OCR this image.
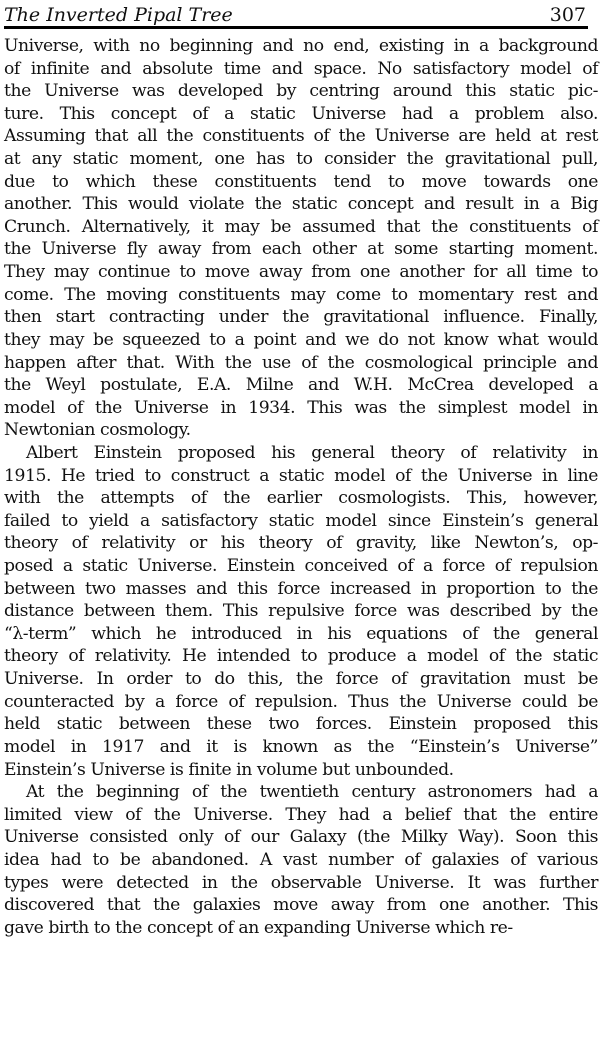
The Inverted Pipal Tree	307
Universe, with no beginning and no end, existing in a background
of infinite and absolute time and space. No satisfactory model of
the Universe was developed by centring around this static pic-
ture. This concept of a static Universe had a problem also.
Assuming that all the constituents of the Universe are held at rest
at any static moment, one has to consider the gravitational pull,
due to which these constituents tend to move towards one
another. This would violate the static concept and result in a Big
Crunch. Alternatively, it may be assumed that the constituents of
the Universe fly away from each other at some starting moment.
They may continue to move away from one another for all time to
come. The moving constituents may come to momentary rest and
then start contracting under the gravitational influence. Finally,
they may be squeezed to a point and we do not know what would
happen after that. With the use of the cosmological principle and
the Weyl postulate, E.A. Milne and W.H. McCrea developed a
model of the Universe in 1934. This was the simplest model in
Newtonian cosmology.
Albert Einstein proposed his general theory of relativity in
1915. He tried to construct a static model of the Universe in line
with the attempts of the earlier cosmologists. This, however,
failed to yield a satisfactory static model since Einstein’s general
theory of relativity or his theory of gravity, like Newton’s, op-
posed a static Universe. Einstein conceived of a force of repulsion
between two masses and this force increased in proportion to the
distance between them. This repulsive force was described by the
“λ-term” which he introduced in his equations of the general
theory of relativity. He intended to produce a model of the static
Universe. In order to do this, the force of gravitation must be
counteracted by a force of repulsion. Thus the Universe could be
held static between these two forces. Einstein proposed this
model in 1917 and it is known as the “Einstein’s Universe”
Einstein’s Universe is finite in volume but unbounded.
At the beginning of the twentieth century astronomers had a
limited view of the Universe. They had a belief that the entire
Universe consisted only of our Galaxy (the Milky Way). Soon this
idea had to be abandoned. A vast number of galaxies of various
types were detected in the observable Universe. It was further
discovered that the galaxies move away from one another. This
gave birth to the concept of an expanding Universe which re-
